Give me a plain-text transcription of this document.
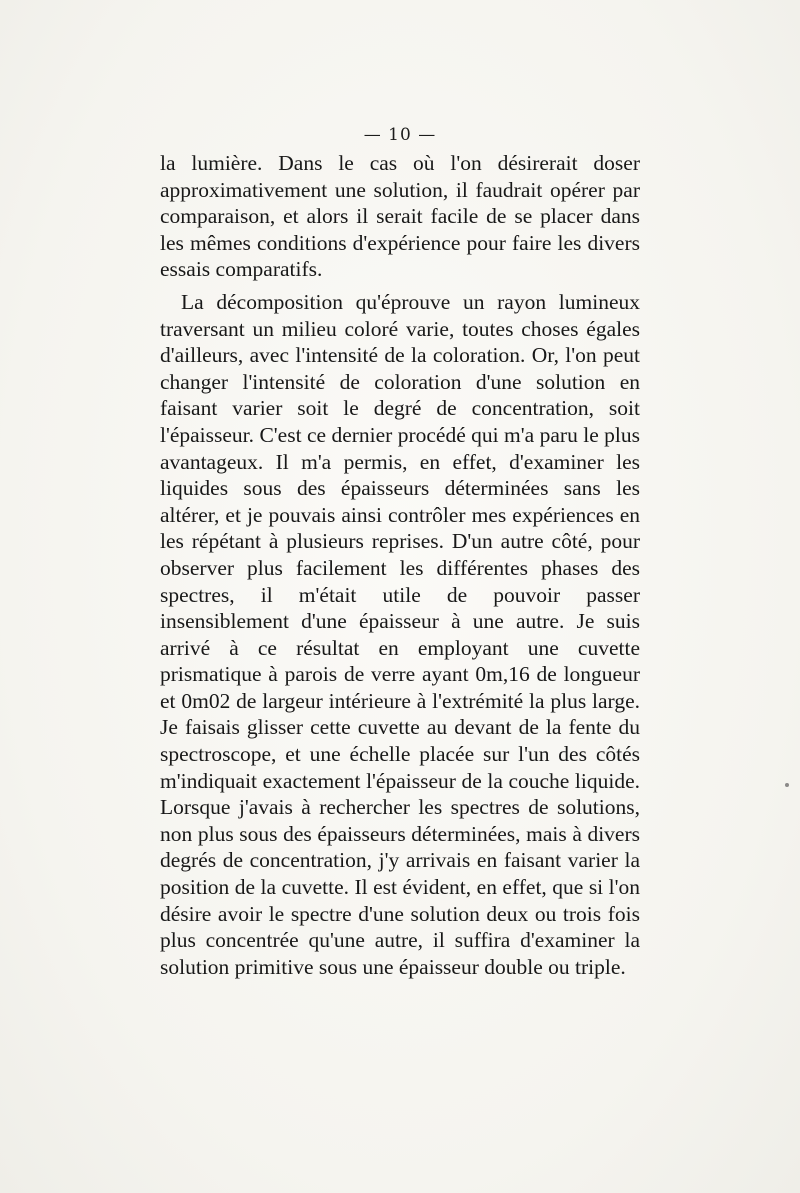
— 10 —

la lumière. Dans le cas où l'on désirerait doser approximativement une solution, il faudrait opérer par comparaison, et alors il serait facile de se placer dans les mêmes conditions d'expérience pour faire les divers essais comparatifs.

La décomposition qu'éprouve un rayon lumineux traversant un milieu coloré varie, toutes choses égales d'ailleurs, avec l'intensité de la coloration. Or, l'on peut changer l'intensité de coloration d'une solution en faisant varier soit le degré de concentration, soit l'épaisseur. C'est ce dernier procédé qui m'a paru le plus avantageux. Il m'a permis, en effet, d'examiner les liquides sous des épaisseurs déterminées sans les altérer, et je pouvais ainsi contrôler mes expériences en les répétant à plusieurs reprises. D'un autre côté, pour observer plus facilement les différentes phases des spectres, il m'était utile de pouvoir passer insensiblement d'une épaisseur à une autre. Je suis arrivé à ce résultat en employant une cuvette prismatique à parois de verre ayant 0m,16 de longueur et 0m02 de largeur intérieure à l'extrémité la plus large. Je faisais glisser cette cuvette au devant de la fente du spectroscope, et une échelle placée sur l'un des côtés m'indiquait exactement l'épaisseur de la couche liquide. Lorsque j'avais à rechercher les spectres de solutions, non plus sous des épaisseurs déterminées, mais à divers degrés de concentration, j'y arrivais en faisant varier la position de la cuvette. Il est évident, en effet, que si l'on désire avoir le spectre d'une solution deux ou trois fois plus concentrée qu'une autre, il suffira d'examiner la solution primitive sous une épaisseur double ou triple.
